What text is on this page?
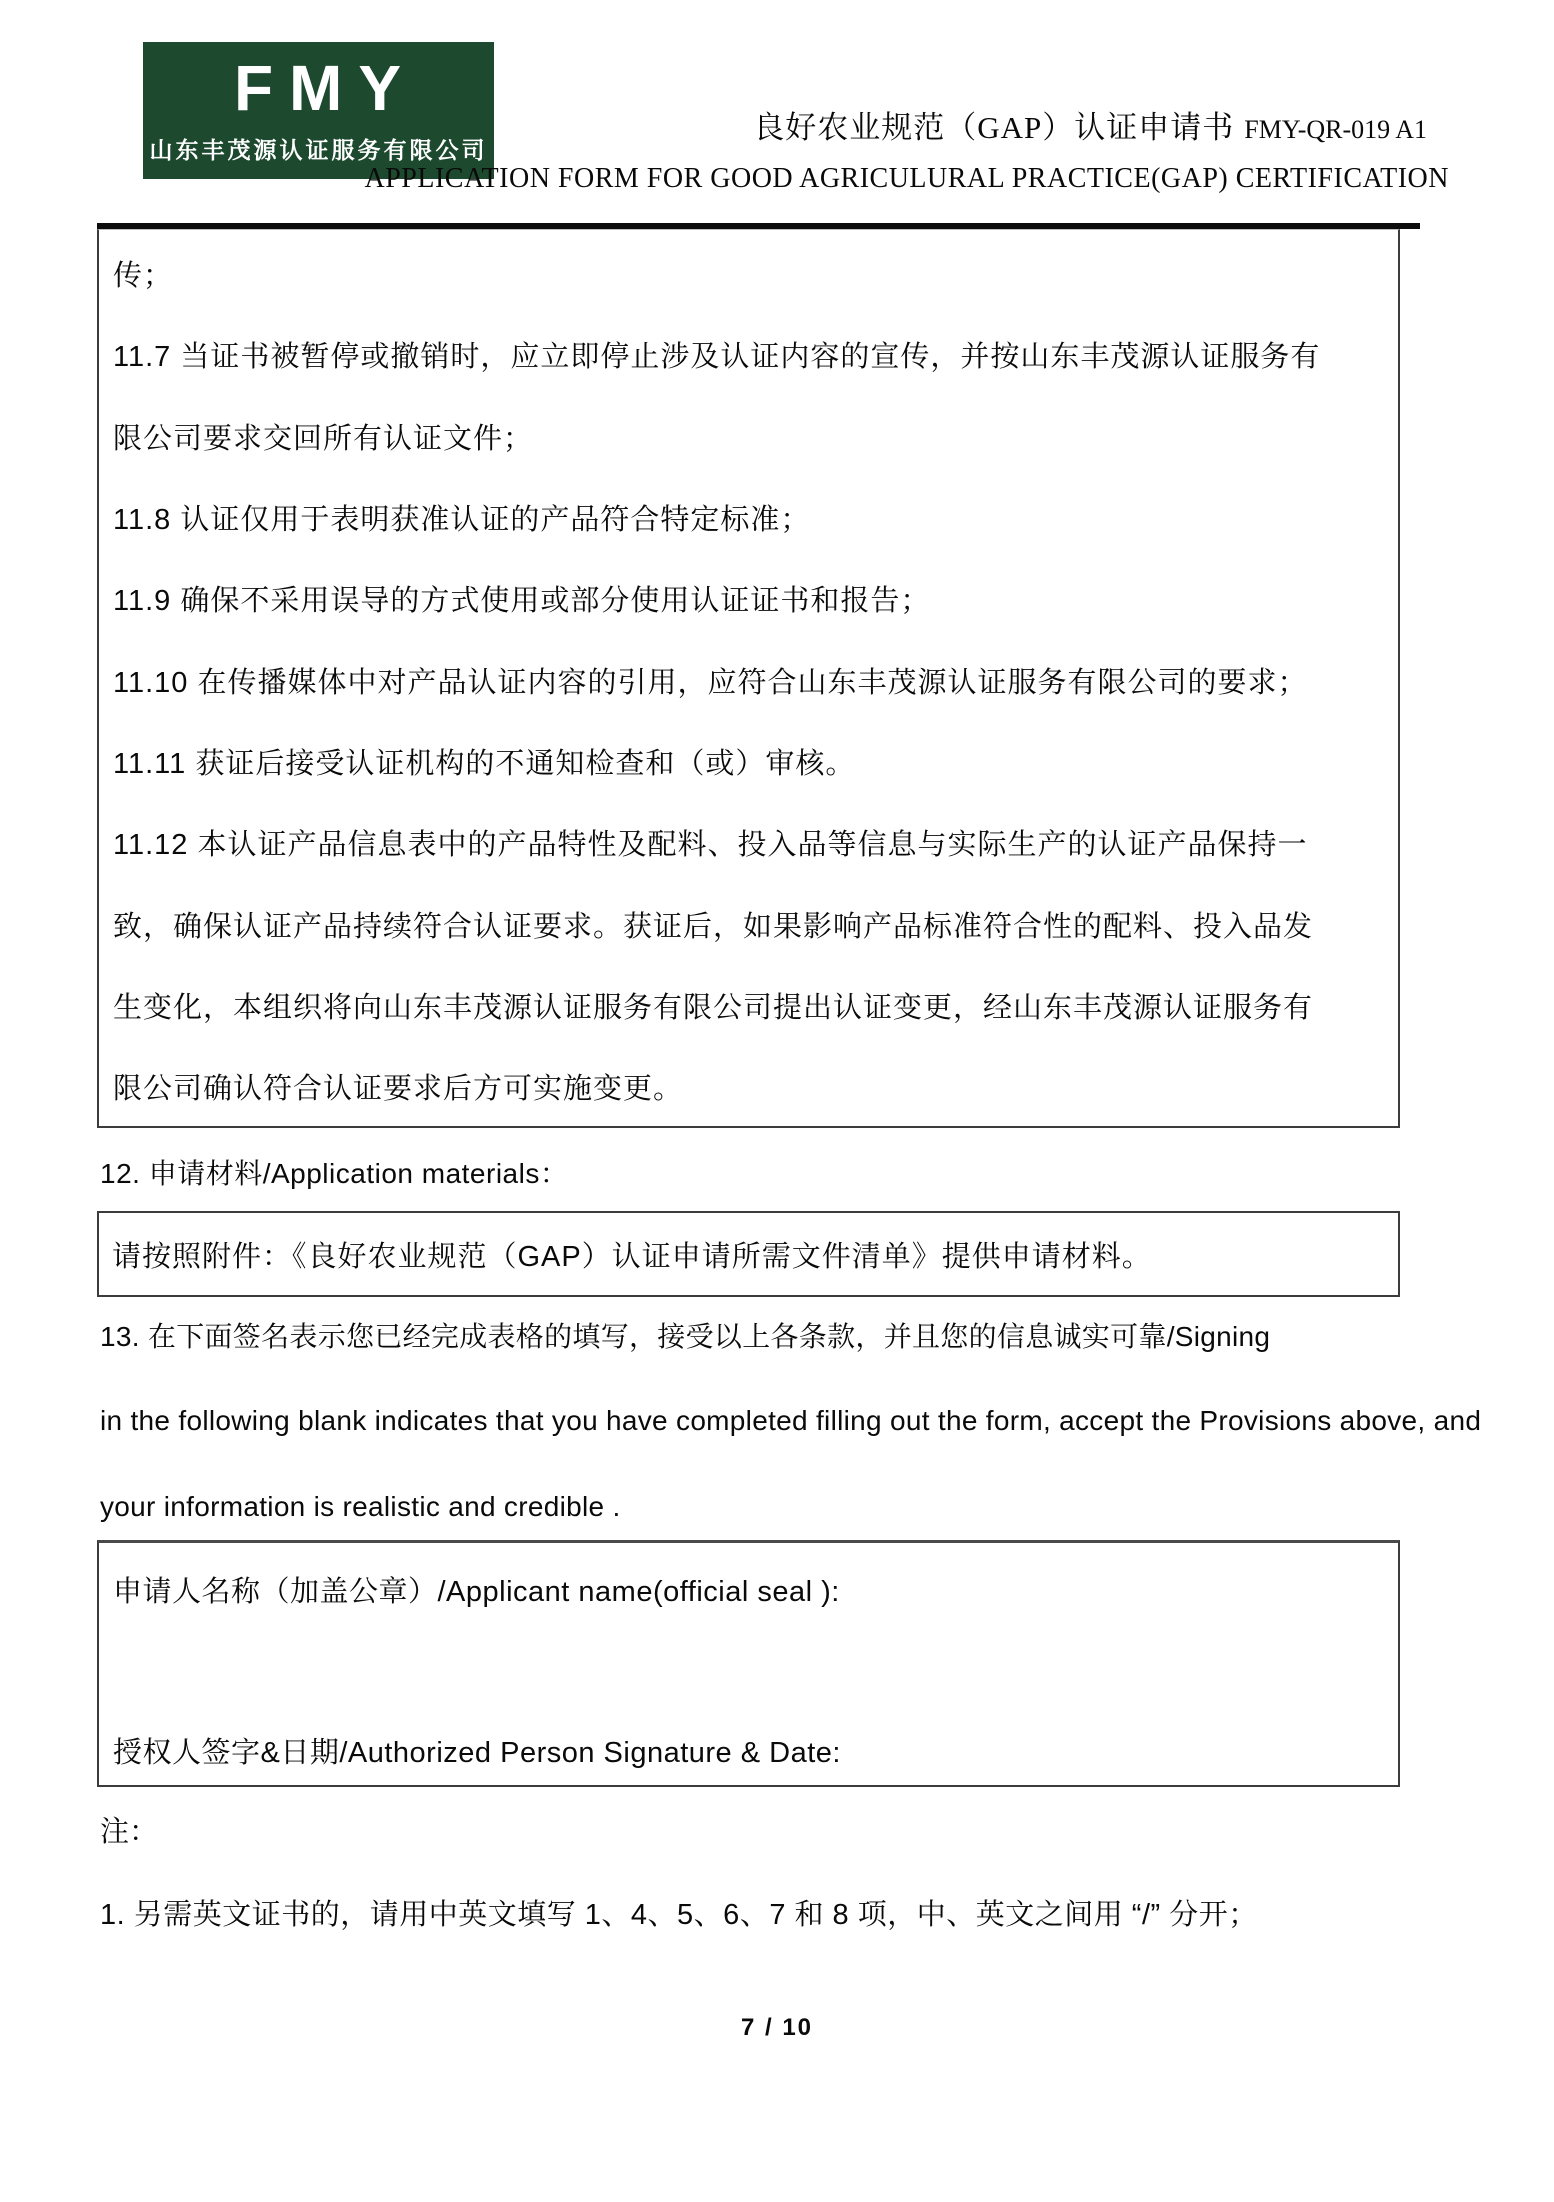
FMY
山东丰茂源认证服务有限公司
良好农业规范（GAP）认证申请书 FMY-QR-019 A1
APPLICATION FORM FOR GOOD AGRICULURAL PRACTICE(GAP) CERTIFICATION
传；
11.7 当证书被暂停或撤销时，应立即停止涉及认证内容的宣传，并按山东丰茂源认证服务有
限公司要求交回所有认证文件；
11.8 认证仅用于表明获准认证的产品符合特定标准；
11.9 确保不采用误导的方式使用或部分使用认证证书和报告；
11.10 在传播媒体中对产品认证内容的引用，应符合山东丰茂源认证服务有限公司的要求；
11.11 获证后接受认证机构的不通知检查和（或）审核。
11.12 本认证产品信息表中的产品特性及配料、投入品等信息与实际生产的认证产品保持一
致，确保认证产品持续符合认证要求。获证后，如果影响产品标准符合性的配料、投入品发
生变化，本组织将向山东丰茂源认证服务有限公司提出认证变更，经山东丰茂源认证服务有
限公司确认符合认证要求后方可实施变更。
12. 申请材料/Application materials：
请按照附件：《良好农业规范（GAP）认证申请所需文件清单》提供申请材料。
13. 在下面签名表示您已经完成表格的填写，接受以上各条款，并且您的信息诚实可靠/Signing
in the following blank indicates that you have completed filling out the form, accept the Provisions above, and
your information is realistic and credible .
申请人名称（加盖公章）/Applicant name(official seal ):
授权人签字&日期/Authorized Person Signature & Date:
注：
1. 另需英文证书的，请用中英文填写 1、4、5、6、7 和 8 项，中、英文之间用 “/” 分开；
7 / 10
